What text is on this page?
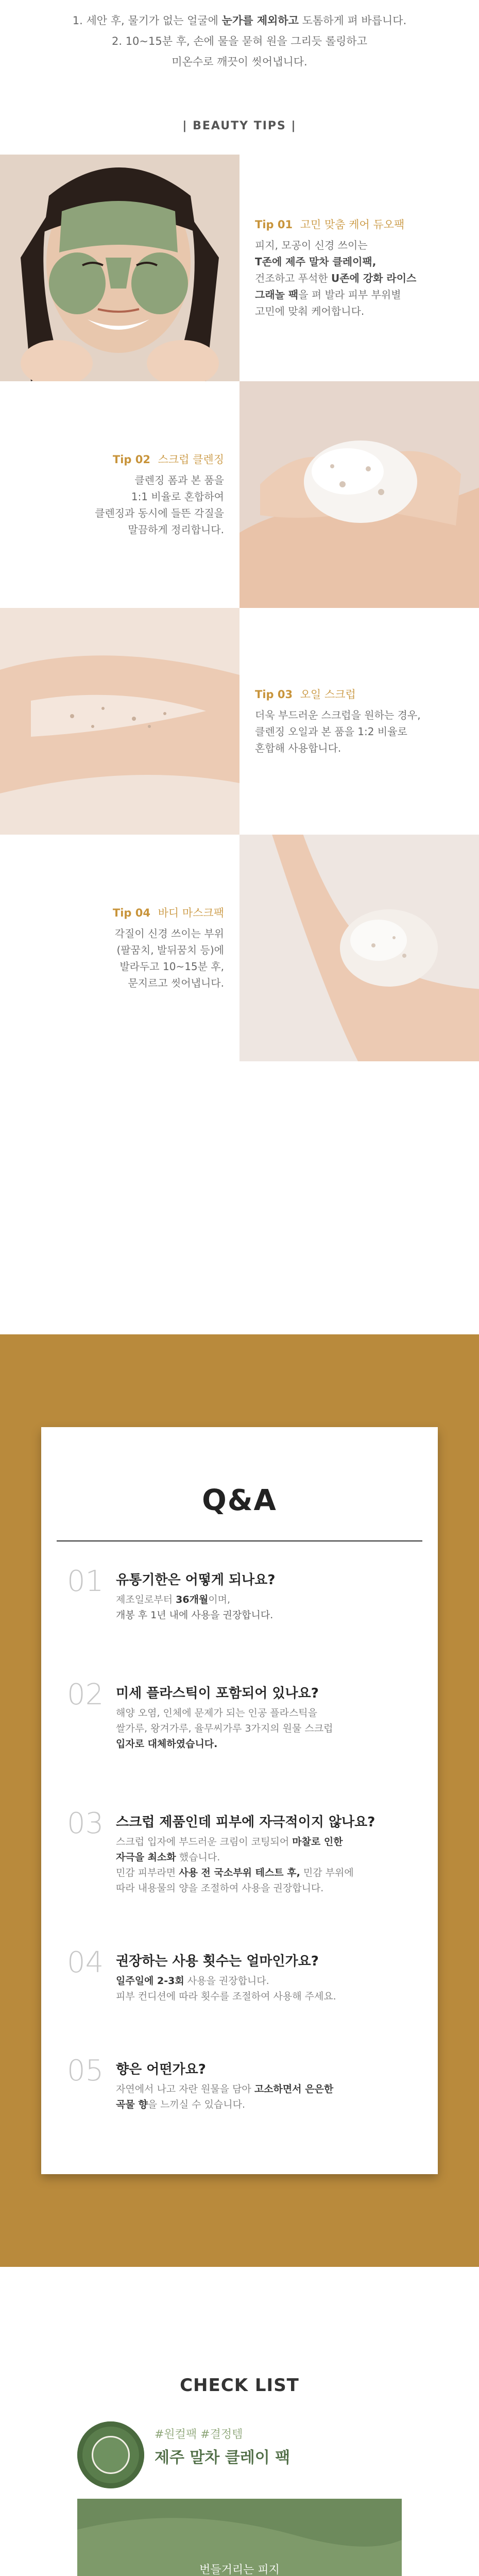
1. 세안 후, 물기가 없는 얼굴에 눈가를 제외하고 도톰하게 펴 바릅니다.
2. 10~15분 후, 손에 물을 묻혀 원을 그리듯 롤링하고
미온수로 깨끗이 씻어냅니다.
| BEAUTY TIPS |
Tip 01 고민 맞춤 케어 듀오팩
피지, 모공이 신경 쓰이는
T존에 제주 말차 클레이팩,
건조하고 푸석한 U존에 강화 라이스
그래놀 팩을 펴 발라 피부 부위별
고민에 맞춰 케어합니다.
Tip 02 스크럽 클렌징
클렌징 폼과 본 품을
1:1 비율로 혼합하여
클렌징과 동시에 들뜬 각질을
말끔하게 정리합니다.
Tip 03 오일 스크럽
더욱 부드러운 스크럽을 원하는 경우,
클렌징 오일과 본 품을 1:2 비율로
혼합해 사용합니다.
Tip 04 바디 마스크팩
각질이 신경 쓰이는 부위
(팔꿈치, 발뒤꿈치 등)에
발라두고 10~15분 후,
문지르고 씻어냅니다.
Q&A
01 유통기한은 어떻게 되나요?
제조일로부터 36개월이며,
개봉 후 1년 내에 사용을 권장합니다.
02 미세 플라스틱이 포함되어 있나요?
해양 오염, 인체에 문제가 되는 인공 플라스틱을
쌀가루, 왕겨가루, 율무씨가루 3가지의 원물 스크럽
입자로 대체하였습니다.
03 스크럽 제품인데 피부에 자극적이지 않나요?
스크럽 입자에 부드러운 크림이 코팅되어 마찰로 인한
자극을 최소화 했습니다.
민감 피부라면 사용 전 국소부위 테스트 후, 민감 부위에
따라 내용물의 양을 조절하여 사용을 권장합니다.
04 권장하는 사용 횟수는 얼마인가요?
일주일에 2-3회 사용을 권장합니다.
피부 컨디션에 따라 횟수를 조절하여 사용해 주세요.
05 향은 어떤가요?
자연에서 나고 자란 원물을 담아 고소하면서 은은한
곡물 향을 느끼실 수 있습니다.
CHECK LIST
#원컬팩 #결정템
제주 말차 클레이 팩
번들거리는 피지
